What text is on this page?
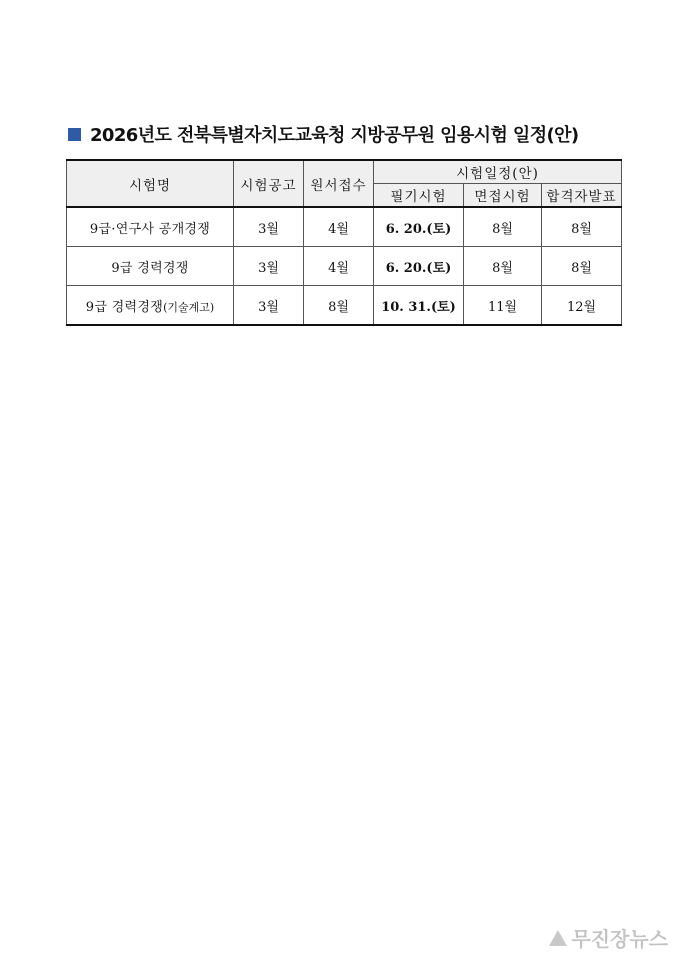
2026년도 전북특별자치도교육청 지방공무원 임용시험 일정(안)
시험명	시험공고	원서접수	시험일정(안)		
			필기시험	면접시험	합격자발표
9급·연구사 공개경쟁	3월	4월	6. 20.(토)	8월	8월
9급 경력경쟁	3월	4월	6. 20.(토)	8월	8월
9급 경력경쟁(기술계고)	3월	8월	10. 31.(토)	11월	12월
무진장뉴스
